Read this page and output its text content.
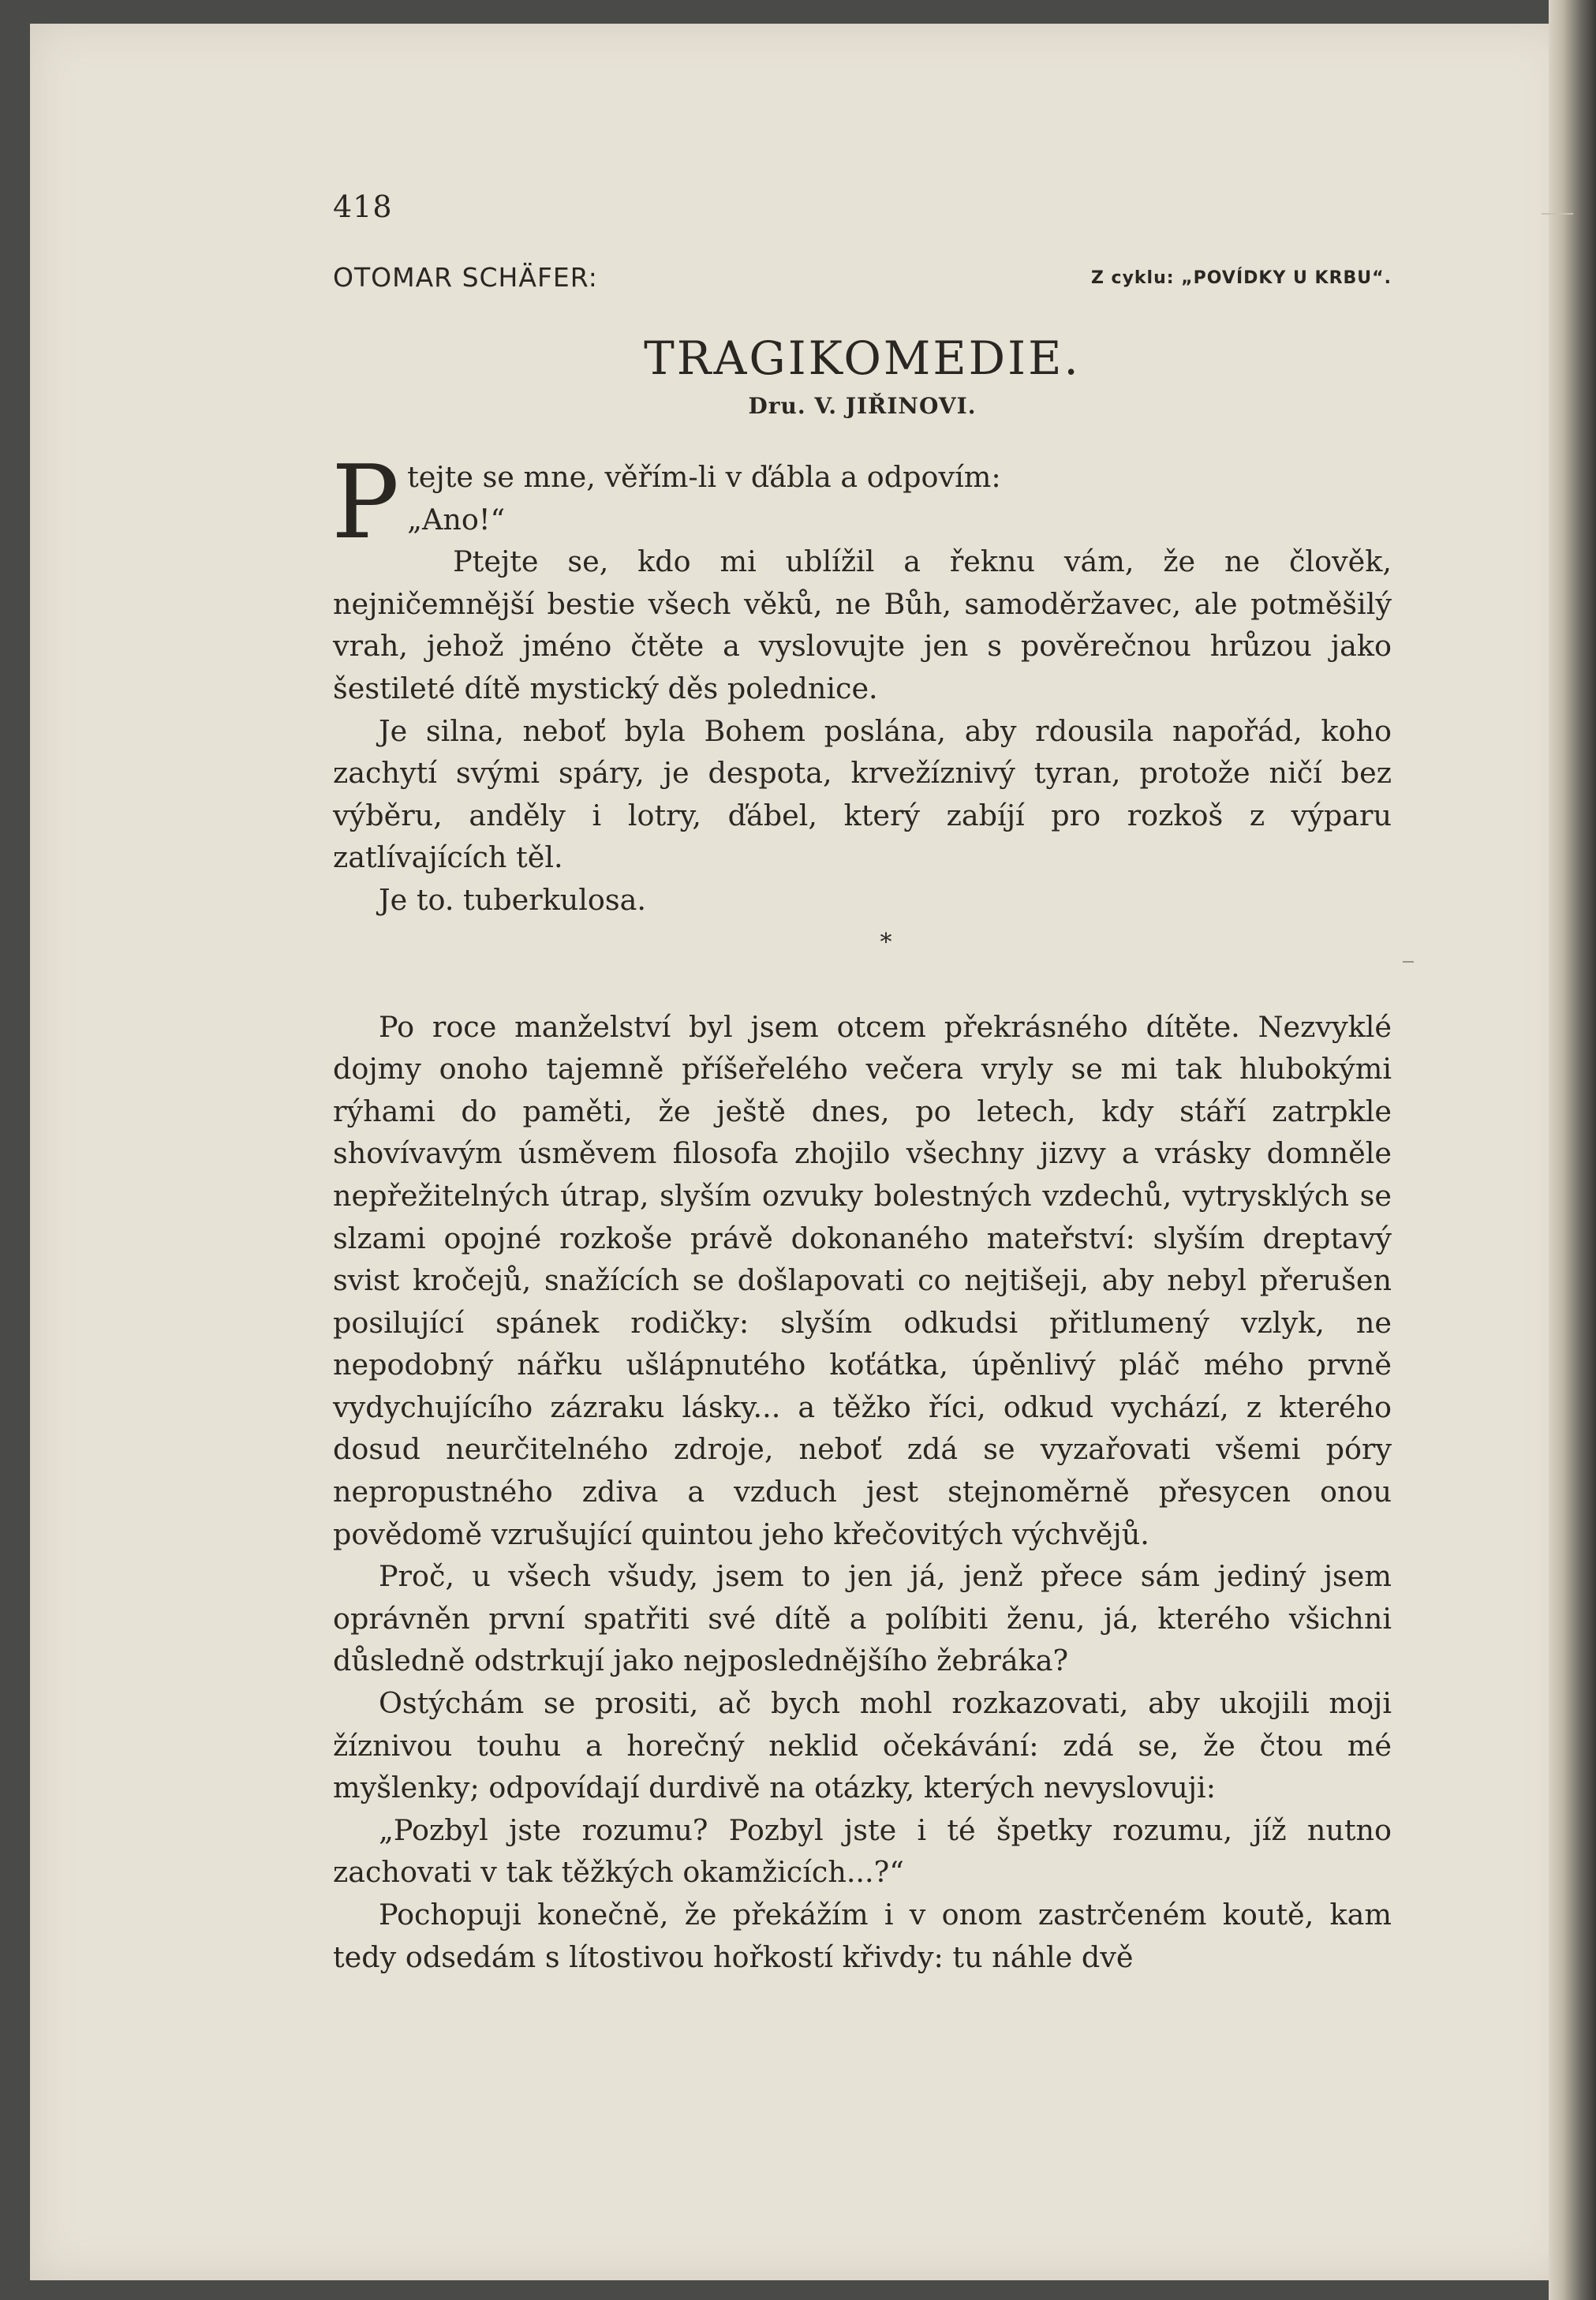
418
OTOMAR SCHÄFER:	Z cyklu: „POVÍDKY U KRBU“.
TRAGIKOMEDIE.
Dru. V. JIŘINOVI.

Ptejte se mne, věřím-li v ďábla a odpovím:
„Ano!“

Ptejte se, kdo mi ublížil a řeknu vám, že ne člověk, nejničemnější bestie všech věků, ne Bůh, samoděržavec, ale potměšilý vrah, jehož jméno čtěte a vyslovujte jen s pověrečnou hrůzou jako šestileté dítě mystický děs polednice.

Je silna, neboť byla Bohem poslána, aby rdousila napořád, koho zachytí svými spáry, je despota, krvežíznivý tyran, protože ničí bez výběru, anděly i lotry, ďábel, který zabíjí pro rozkoš z výparu zatlívajících těl.

Je to. tuberkulosa.

*

Po roce manželství byl jsem otcem překrásného dítěte. Nezvyklé dojmy onoho tajemně příšeřelého večera vryly se mi tak hlubokými rýhami do paměti, že ještě dnes, po letech, kdy stáří zatrpkle shovívavým úsměvem filosofa zhojilo všechny jizvy a vrásky domněle nepřežitelných útrap, slyším ozvuky bolestných vzdechů, vytrysklých se slzami opojné rozkoše právě dokonaného mateřství: slyším dreptavý svist kročejů, snažících se došlapovati co nejtišeji, aby nebyl přerušen posilující spánek rodičky: slyším odkudsi přitlumený vzlyk, ne nepodobný nářku ušlápnutého koťátka, úpěnlivý pláč mého prvně vydychujícího zázraku lásky... a těžko říci, odkud vychází, z kterého dosud neurčitelného zdroje, neboť zdá se vyzařovati všemi póry nepropustného zdiva a vzduch jest stejnoměrně přesycen onou povědomě vzrušující quintou jeho křečovitých výchvějů.

Proč, u všech všudy, jsem to jen já, jenž přece sám jediný jsem oprávněn první spatřiti své dítě a políbiti ženu, já, kterého všichni důsledně odstrkují jako nejposlednějšího žebráka?

Ostýchám se prositi, ač bych mohl rozkazovati, aby ukojili moji žíznivou touhu a horečný neklid očekávání: zdá se, že čtou mé myšlenky; odpovídají durdivě na otázky, kterých nevyslovuji:

„Pozbyl jste rozumu? Pozbyl jste i té špetky rozumu, jíž nutno zachovati v tak těžkých okamžicích...?“

Pochopuji konečně, že překážím i v onom zastrčeném koutě, kam tedy odsedám s lítostivou hořkostí křivdy: tu náhle dvě
